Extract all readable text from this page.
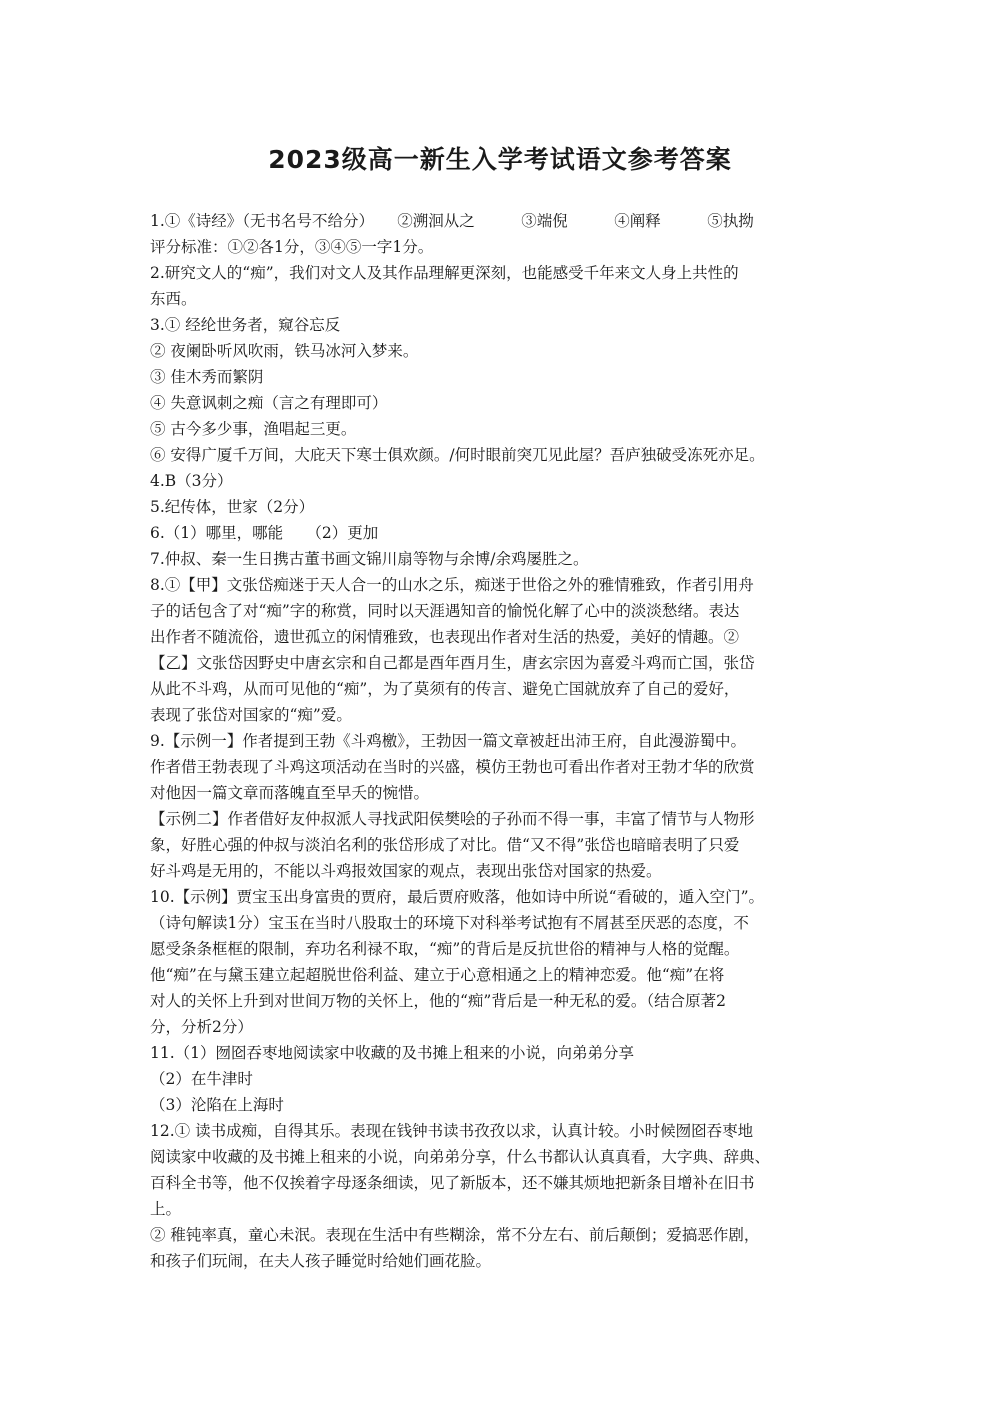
2023级高一新生入学考试语文参考答案
1.①《诗经》（无书名号不给分）　　②溯洄从之　　　③端倪　　　④阐释　　　⑤执拗
评分标准：①②各1分，③④⑤一字1分。
2.研究文人的“痴”，我们对文人及其作品理解更深刻，也能感受千年来文人身上共性的
东西。
3.① 经纶世务者，窥谷忘反
② 夜阑卧听风吹雨，铁马冰河入梦来。
③ 佳木秀而繁阴
④ 失意讽刺之痴（言之有理即可）
⑤ 古今多少事，渔唱起三更。
⑥ 安得广厦千万间，大庇天下寒士俱欢颜。/何时眼前突兀见此屋？吾庐独破受冻死亦足。
4.B（3分）
5.纪传体，世家（2分）
6.（1）哪里，哪能　　（2）更加
7.仲叔、秦一生日携古董书画文锦川扇等物与余博/余鸡屡胜之。
8.①【甲】文张岱痴迷于天人合一的山水之乐，痴迷于世俗之外的雅情雅致，作者引用舟
子的话包含了对“痴”字的称赏，同时以天涯遇知音的愉悦化解了心中的淡淡愁绪。表达
出作者不随流俗，遗世孤立的闲情雅致，也表现出作者对生活的热爱，美好的情趣。②
【乙】文张岱因野史中唐玄宗和自己都是酉年酉月生，唐玄宗因为喜爱斗鸡而亡国，张岱
从此不斗鸡，从而可见他的“痴”，为了莫须有的传言、避免亡国就放弃了自己的爱好，
表现了张岱对国家的“痴”爱。
9.【示例一】作者提到王勃《斗鸡檄》，王勃因一篇文章被赶出沛王府，自此漫游蜀中。
作者借王勃表现了斗鸡这项活动在当时的兴盛，模仿王勃也可看出作者对王勃才华的欣赏
对他因一篇文章而落魄直至早夭的惋惜。
【示例二】作者借好友仲叔派人寻找武阳侯樊哙的子孙而不得一事，丰富了情节与人物形
象，好胜心强的仲叔与淡泊名利的张岱形成了对比。借“又不得”张岱也暗暗表明了只爱
好斗鸡是无用的，不能以斗鸡报效国家的观点，表现出张岱对国家的热爱。
10.【示例】贾宝玉出身富贵的贾府，最后贾府败落，他如诗中所说“看破的，遁入空门”。
（诗句解读1分）宝玉在当时八股取士的环境下对科举考试抱有不屑甚至厌恶的态度，不
愿受条条框框的限制，弃功名利禄不取，“痴”的背后是反抗世俗的精神与人格的觉醒。
他“痴”在与黛玉建立起超脱世俗利益、建立于心意相通之上的精神恋爱。他“痴”在将
对人的关怀上升到对世间万物的关怀上，他的“痴”背后是一种无私的爱。（结合原著2
分，分析2分）
11.（1）囫囵吞枣地阅读家中收藏的及书摊上租来的小说，向弟弟分享
（2）在牛津时
（3）沦陷在上海时
12.① 读书成痴，自得其乐。表现在钱钟书读书孜孜以求，认真计较。小时候囫囵吞枣地
阅读家中收藏的及书摊上租来的小说，向弟弟分享，什么书都认认真真看，大字典、辞典、
百科全书等，他不仅挨着字母逐条细读，见了新版本，还不嫌其烦地把新条目增补在旧书
上。
② 稚钝率真，童心未泯。表现在生活中有些糊涂，常不分左右、前后颠倒；爱搞恶作剧，
和孩子们玩闹，在夫人孩子睡觉时给她们画花脸。
